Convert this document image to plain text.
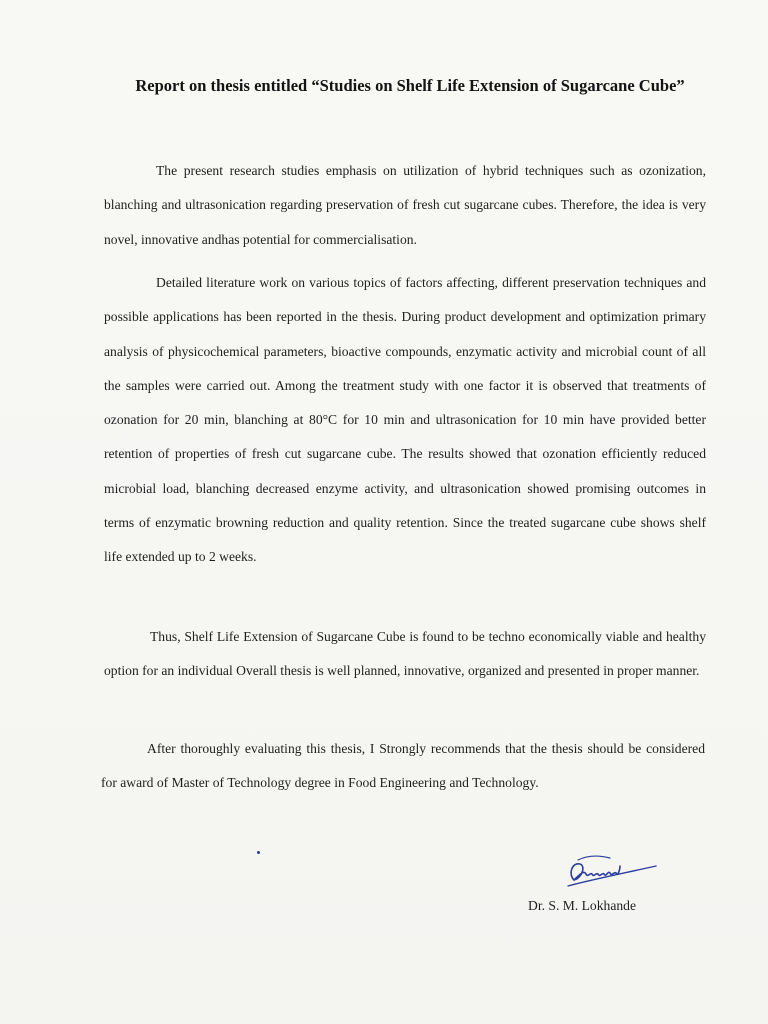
Report on thesis entitled “Studies on Shelf Life Extension of Sugarcane Cube”
The present research studies emphasis on utilization of hybrid techniques such as ozonization, blanching and ultrasonication regarding preservation of fresh cut sugarcane cubes. Therefore, the idea is very novel, innovative andhas potential for commercialisation.
Detailed literature work on various topics of factors affecting, different preservation techniques and possible applications has been reported in the thesis. During product development and optimization primary analysis of physicochemical parameters, bioactive compounds, enzymatic activity and microbial count of all the samples were carried out. Among the treatment study with one factor it is observed that treatments of ozonation for 20 min, blanching at 80°C for 10 min and ultrasonication for 10 min have provided better retention of properties of fresh cut sugarcane cube. The results showed that ozonation efficiently reduced microbial load, blanching decreased enzyme activity, and ultrasonication showed promising outcomes in terms of enzymatic browning reduction and quality retention. Since the treated sugarcane cube shows shelf life extended up to 2 weeks.
Thus, Shelf Life Extension of Sugarcane Cube is found to be techno economically viable and healthy option for an individual Overall thesis is well planned, innovative, organized and presented in proper manner.
After thoroughly evaluating this thesis, I Strongly recommends that the thesis should be considered for award of Master of Technology degree in Food Engineering and Technology.
Dr. S. M. Lokhande
